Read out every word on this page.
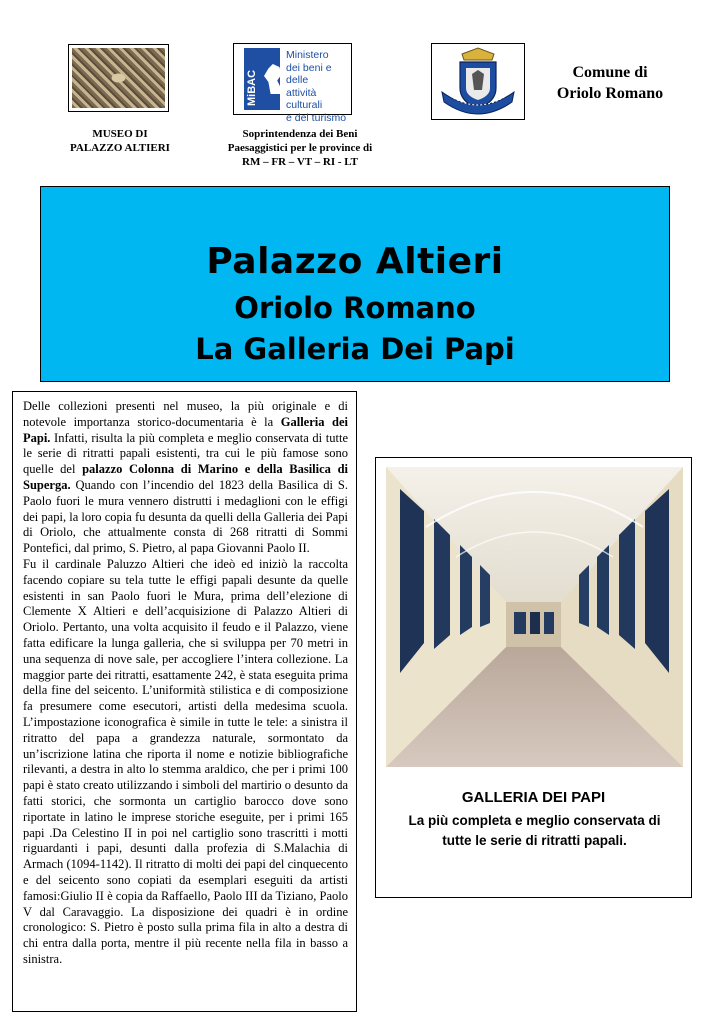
MiBAC
Ministero
dei beni e delle
attività culturali
e del turismo
Comune di
Oriolo Romano
MUSEO DI
PALAZZO ALTIERI
Soprintendenza dei Beni
Paesaggistici per le province di
RM – FR – VT – RI - LT
Palazzo Altieri
Oriolo Romano
La Galleria Dei Papi

Delle collezioni presenti nel museo, la più originale e di notevole importanza storico-documentaria è la Galleria dei Papi. Infatti, risulta la più completa e meglio conservata di tutte le serie di ritratti papali esistenti, tra cui le più famose sono quelle del palazzo Colonna di Marino e della Basilica di Superga. Quando con l’incendio del 1823 della Basilica di S. Paolo fuori le mura vennero distrutti i medaglioni con le effigi dei papi, la loro copia fu desunta da quelli della Galleria dei Papi di Oriolo, che attualmente consta di 268 ritratti di Sommi Pontefici, dal primo, S. Pietro, al papa Giovanni Paolo II.

Fu il cardinale Paluzzo Altieri che ideò ed iniziò la raccolta facendo copiare su tela tutte le effigi papali desunte da quelle esistenti in san Paolo fuori le Mura, prima dell’elezione di Clemente X Altieri e dell’acquisizione di Palazzo Altieri di Oriolo. Pertanto, una volta acquisito il feudo e il Palazzo, viene fatta edificare la lunga galleria, che si sviluppa per 70 metri in una sequenza di nove sale, per accogliere l’intera collezione. La maggior parte dei ritratti, esattamente 242, è stata eseguita prima della fine del seicento. L’uniformità stilistica e di composizione fa presumere come esecutori, artisti della medesima scuola. L’impostazione iconografica è simile in tutte le tele: a sinistra il ritratto del papa a grandezza naturale, sormontato da un’iscrizione latina che riporta il nome e notizie bibliografiche rilevanti, a destra in alto lo stemma araldico, che per i primi 100 papi è stato creato utilizzando i simboli del martirio o desunto da fatti storici, che sormonta un cartiglio barocco dove sono riportate in latino le imprese storiche eseguite, per i primi 165 papi .Da Celestino II in poi nel cartiglio sono trascritti i motti riguardanti i papi, desunti dalla profezia di S.Malachia di Armach (1094-1142). Il ritratto di molti dei papi del cinquecento e del seicento sono copiati da esemplari eseguiti da artisti famosi:Giulio II è copia da Raffaello, Paolo III da Tiziano, Paolo V dal Caravaggio. La disposizione dei quadri è in ordine cronologico: S. Pietro è posto sulla prima fila in alto a destra di chi entra dalla porta, mentre il più recente nella fila in basso a sinistra.

GALLERIA DEI PAPI
La più completa e meglio conservata di tutte le serie di ritratti papali.
